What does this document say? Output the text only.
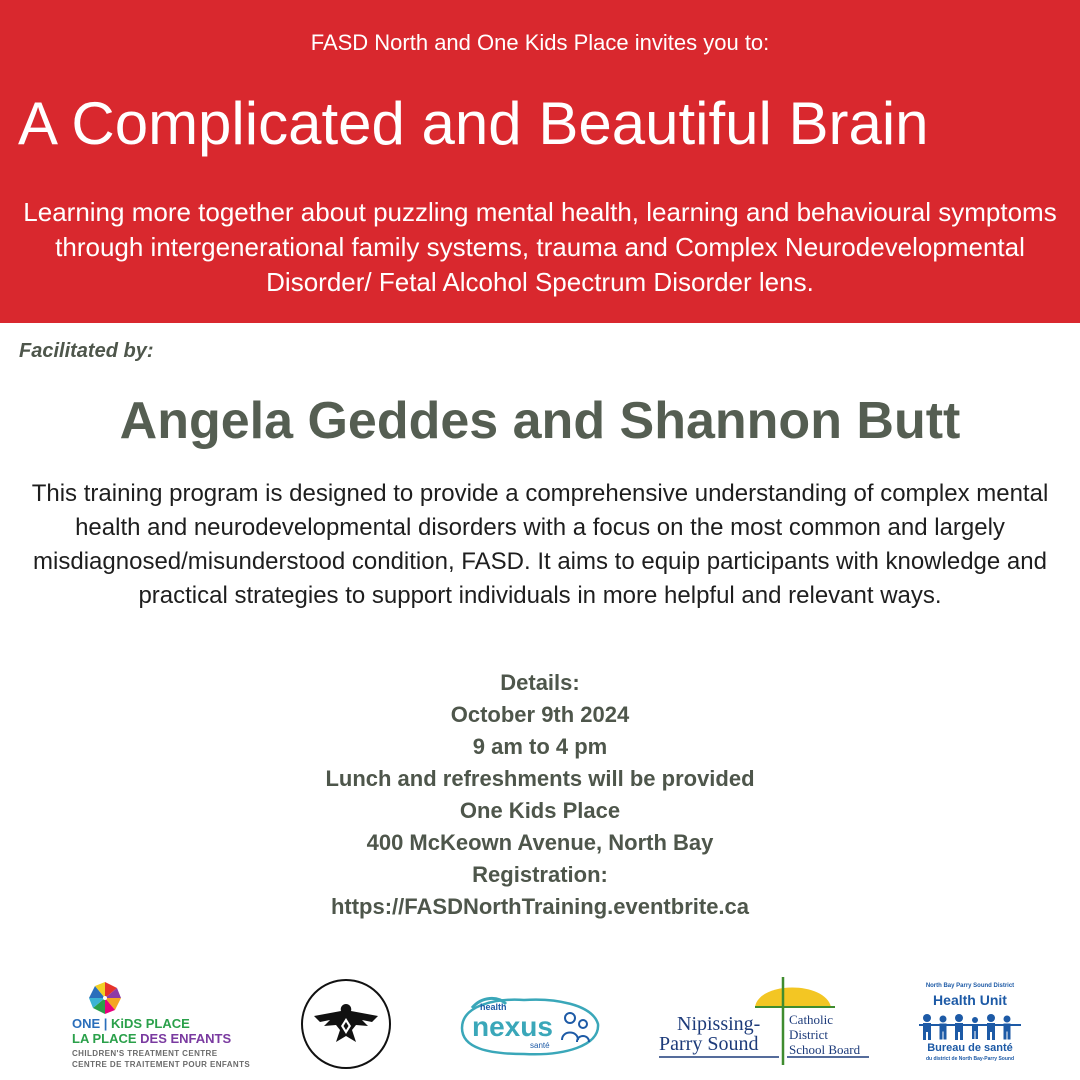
FASD North and One Kids Place invites you to:
A Complicated and Beautiful Brain
Learning more together about puzzling mental health, learning and behavioural symptoms through intergenerational family systems, trauma and Complex Neurodevelopmental Disorder/ Fetal Alcohol Spectrum Disorder lens.
Facilitated by:
Angela Geddes and Shannon Butt
This training program is designed to provide a comprehensive understanding of complex mental health and neurodevelopmental disorders with a focus on the most common and largely misdiagnosed/misunderstood condition, FASD. It aims to equip participants with knowledge and practical strategies to support individuals in more helpful and relevant ways.
Details:
October 9th 2024
9 am to 4 pm
Lunch and refreshments will be provided
One Kids Place
400 McKeown Avenue, North Bay
Registration:
https://FASDNorthTraining.eventbrite.ca
ONE | KiDS PLACE
LA PLACE DES ENFANTS
CHILDREN'S TREATMENT CENTRE
CENTRE DE TRAITEMENT POUR ENFANTS
health
nexus
santé
Nipissing-
Parry Sound
Catholic
District
School Board
North Bay Parry Sound District
Health Unit
Bureau de santé
du district de North Bay-Parry Sound
